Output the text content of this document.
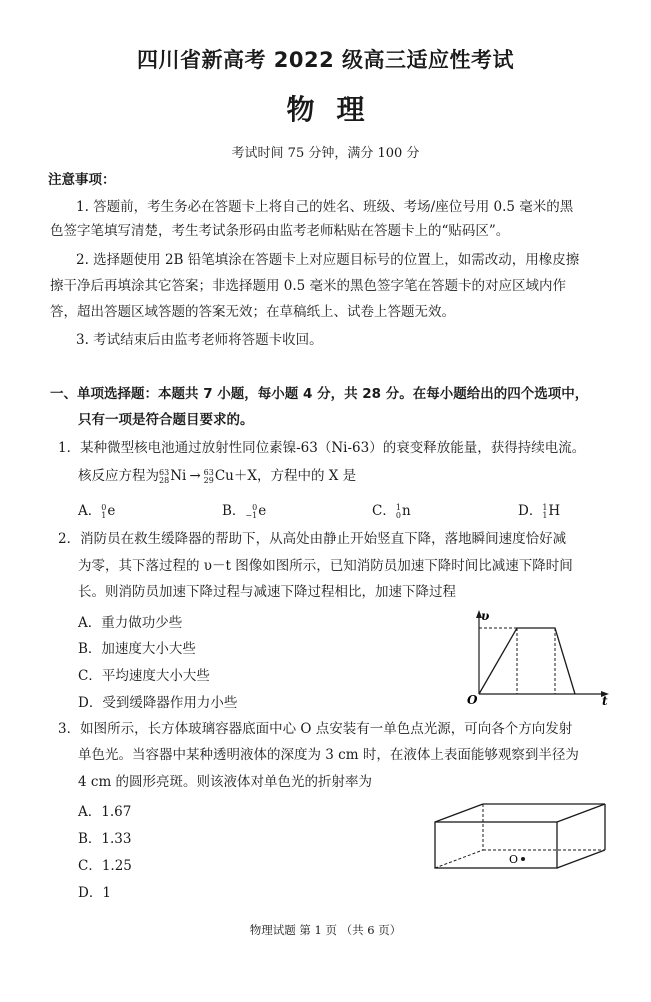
四川省新高考 2022 级高三适应性考试
物理
考试时间 75 分钟，满分 100 分
注意事项：
1. 答题前，考生务必在答题卡上将自己的姓名、班级、考场/座位号用 0.5 毫米的黑
色签字笔填写清楚，考生考试条形码由监考老师粘贴在答题卡上的“贴码区”。
2. 选择题使用 2B 铅笔填涂在答题卡上对应题目标号的位置上，如需改动，用橡皮擦
擦干净后再填涂其它答案；非选择题用 0.5 毫米的黑色签字笔在答题卡的对应区域内作
答，超出答题区域答题的答案无效；在草稿纸上、试卷上答题无效。
3. 考试结束后由监考老师将答题卡收回。
一、单项选择题：本题共 7 小题，每小题 4 分，共 28 分。在每小题给出的四个选项中，
只有一项是符合题目要求的。
1．某种微型核电池通过放射性同位素镍-63（Ni-63）的衰变释放能量，获得持续电流。
核反应方程为 63
28 Ni → 63
29 Cu＋X，方程中的 X 是
A． 0
1 e	B． 0
−1 e	C． 1
0 n	D． 1
1 H
2．消防员在救生缓降器的帮助下，从高处由静止开始竖直下降，落地瞬间速度恰好减
为零，其下落过程的 υ－t 图像如图所示，已知消防员加速下降时间比减速下降时间
长。则消防员加速下降过程与减速下降过程相比，加速下降过程
A．重力做功少些
B．加速度大小大些
C．平均速度大小大些
D．受到缓降器作用力小些
υ
O	t
3．如图所示，长方体玻璃容器底面中心 O 点安装有一单色点光源，可向各个方向发射
单色光。当容器中某种透明液体的深度为 3 cm 时，在液体上表面能够观察到半径为
4 cm 的圆形亮斑。则该液体对单色光的折射率为
A．1.67
B．1.33
C．1.25
D．1
O
物理试题 第 1 页 （共 6 页）
